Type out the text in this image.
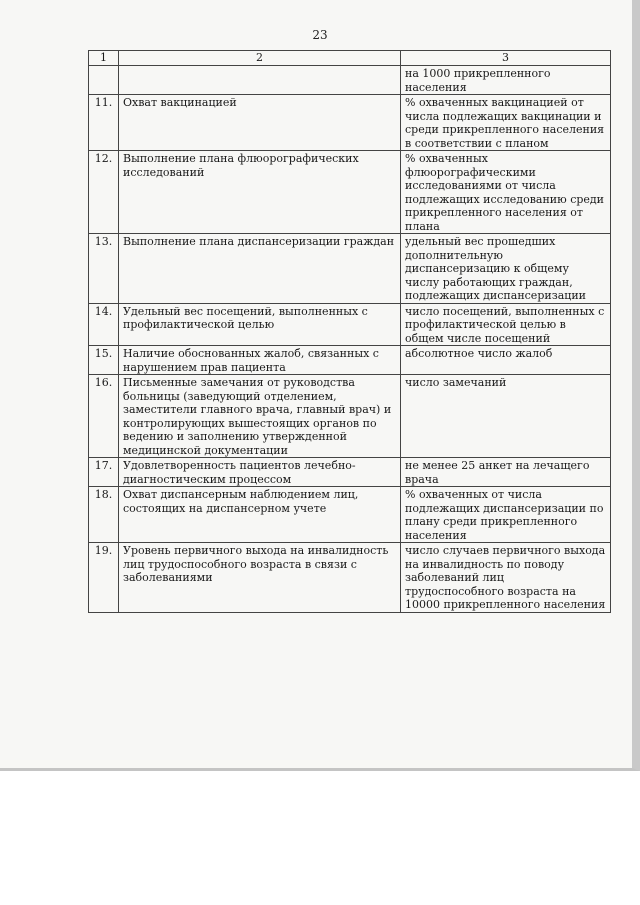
23
1	2	3
		на 1000 прикрепленного населения
11.	Охват вакцинацией	% охваченных вакцинацией от числа подлежащих вакцинации и среди прикрепленного населения в соответствии с планом
12.	Выполнение плана флюорографических исследований	% охваченных флюорографическими исследованиями от числа подлежащих исследованию среди прикрепленного населения от плана
13.	Выполнение плана диспансеризации граждан	удельный вес прошедших дополнительную диспансеризацию к общему числу работающих граждан, подлежащих диспансеризации
14.	Удельный вес посещений, выполненных с профилактической целью	число посещений, выполненных с профилактической целью в общем числе посещений
15.	Наличие обоснованных жалоб, связанных с нарушением прав пациента	абсолютное число жалоб
16.	Письменные замечания от руководства больницы (заведующий отделением, заместители главного врача, главный врач) и контролирующих вышестоящих органов по ведению и заполнению утвержденной медицинской документации	число замечаний
17.	Удовлетворенность пациентов лечебно-диагностическим процессом	не менее 25 анкет на лечащего врача
18.	Охват диспансерным наблюдением лиц, состоящих на диспансерном учете	% охваченных от числа подлежащих диспансеризации по плану среди прикрепленного населения
19.	Уровень первичного выхода на инвалидность лиц трудоспособного возраста в связи с заболеваниями	число случаев первичного выхода на инвалидность по поводу заболеваний лиц трудоспособного возраста на 10000 прикрепленного населения
